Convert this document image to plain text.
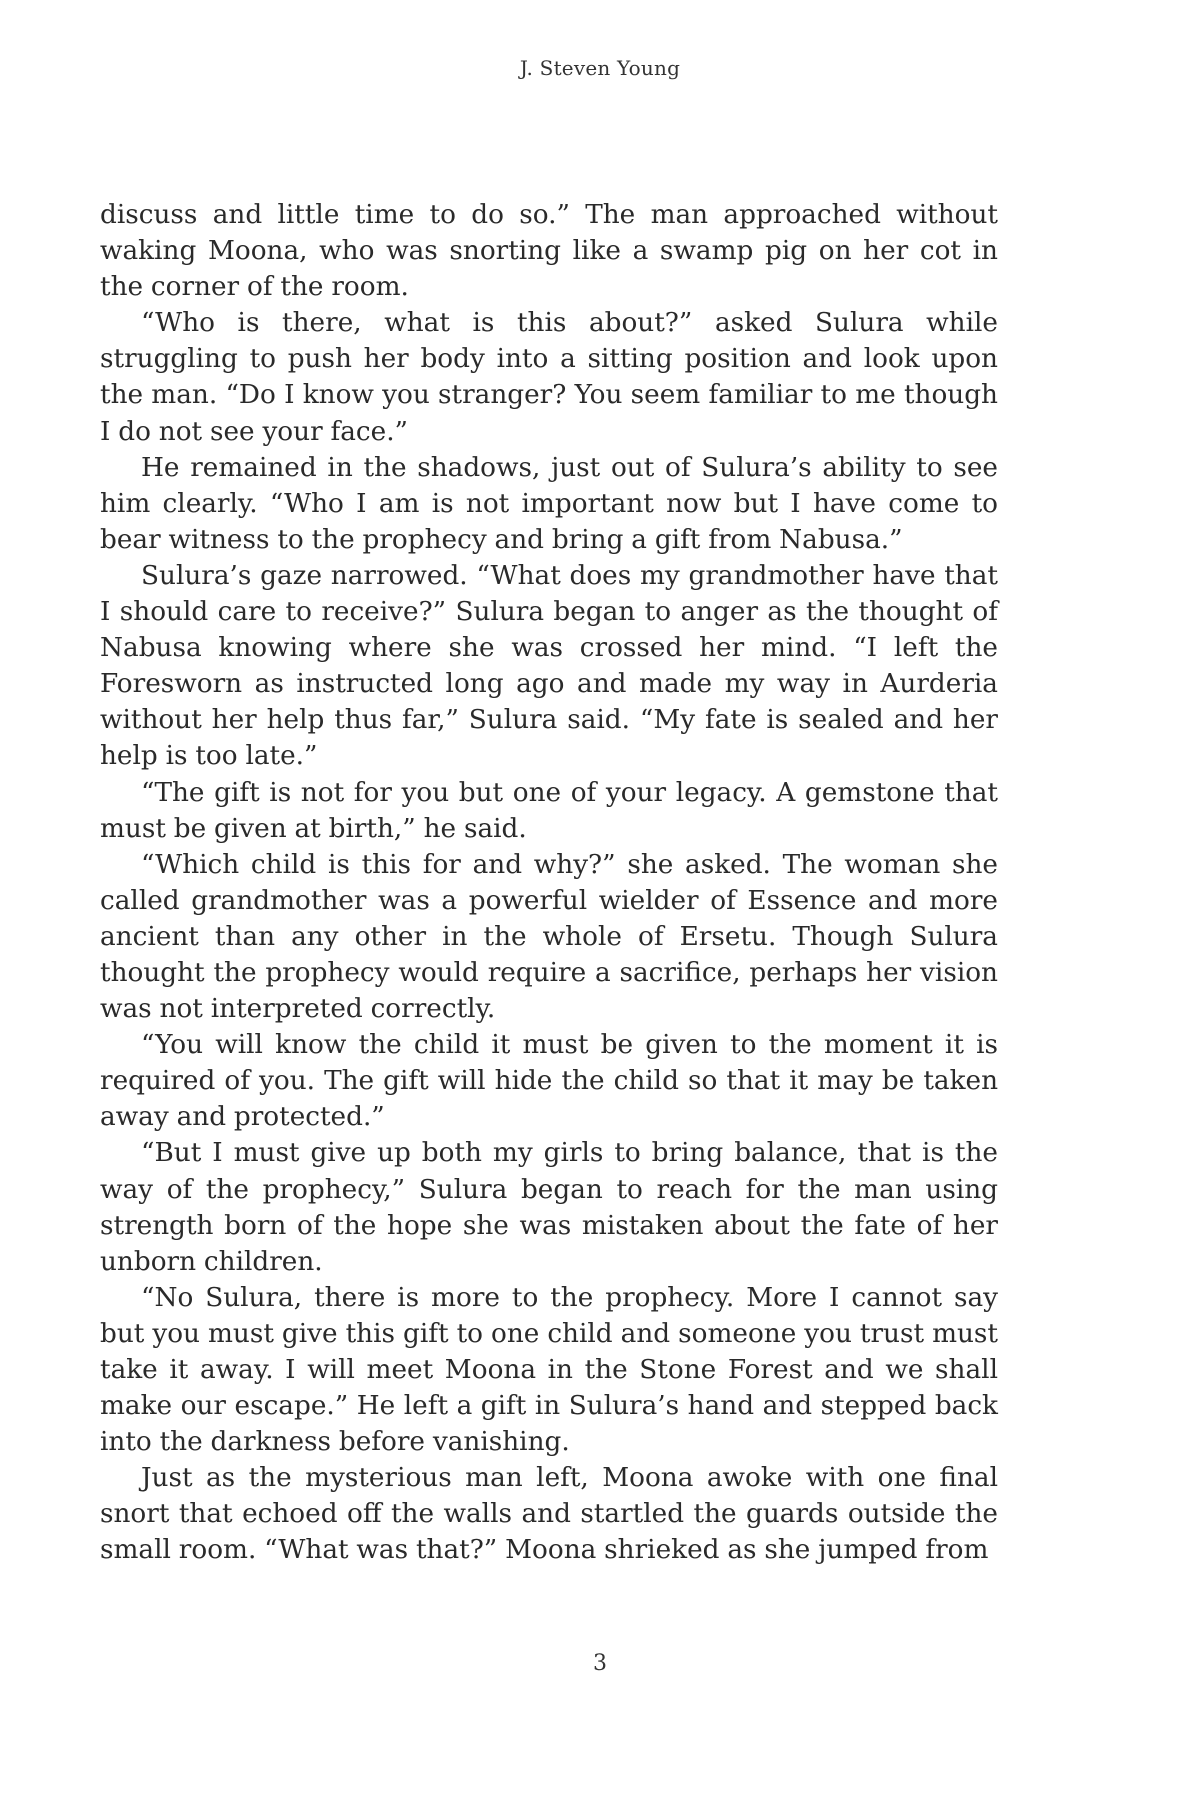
J. Steven Young

discuss and little time to do so.” The man approached without waking Moona, who was snorting like a swamp pig on her cot in the corner of the room.

“Who is there, what is this about?” asked Sulura while struggling to push her body into a sitting position and look upon the man. “Do I know you stranger? You seem familiar to me though I do not see your face.”

He remained in the shadows, just out of Sulura’s ability to see him clearly. “Who I am is not important now but I have come to bear witness to the prophecy and bring a gift from Nabusa.”

Sulura’s gaze narrowed. “What does my grandmother have that I should care to receive?” Sulura began to anger as the thought of Nabusa knowing where she was crossed her mind. “I left the Foresworn as instructed long ago and made my way in Aurderia without her help thus far,” Sulura said. “My fate is sealed and her help is too late.”

“The gift is not for you but one of your legacy. A gemstone that must be given at birth,” he said.

“Which child is this for and why?” she asked. The woman she called grandmother was a powerful wielder of Essence and more ancient than any other in the whole of Ersetu. Though Sulura thought the prophecy would require a sacrifice, perhaps her vision was not interpreted correctly.

“You will know the child it must be given to the moment it is required of you. The gift will hide the child so that it may be taken away and protected.”

“But I must give up both my girls to bring balance, that is the way of the prophecy,” Sulura began to reach for the man using strength born of the hope she was mistaken about the fate of her unborn children.

“No Sulura, there is more to the prophecy. More I cannot say but you must give this gift to one child and someone you trust must take it away. I will meet Moona in the Stone Forest and we shall make our escape.” He left a gift in Sulura’s hand and stepped back into the darkness before vanishing.

Just as the mysterious man left, Moona awoke with one final snort that echoed off the walls and startled the guards outside the small room. “What was that?” Moona shrieked as she jumped from

3
